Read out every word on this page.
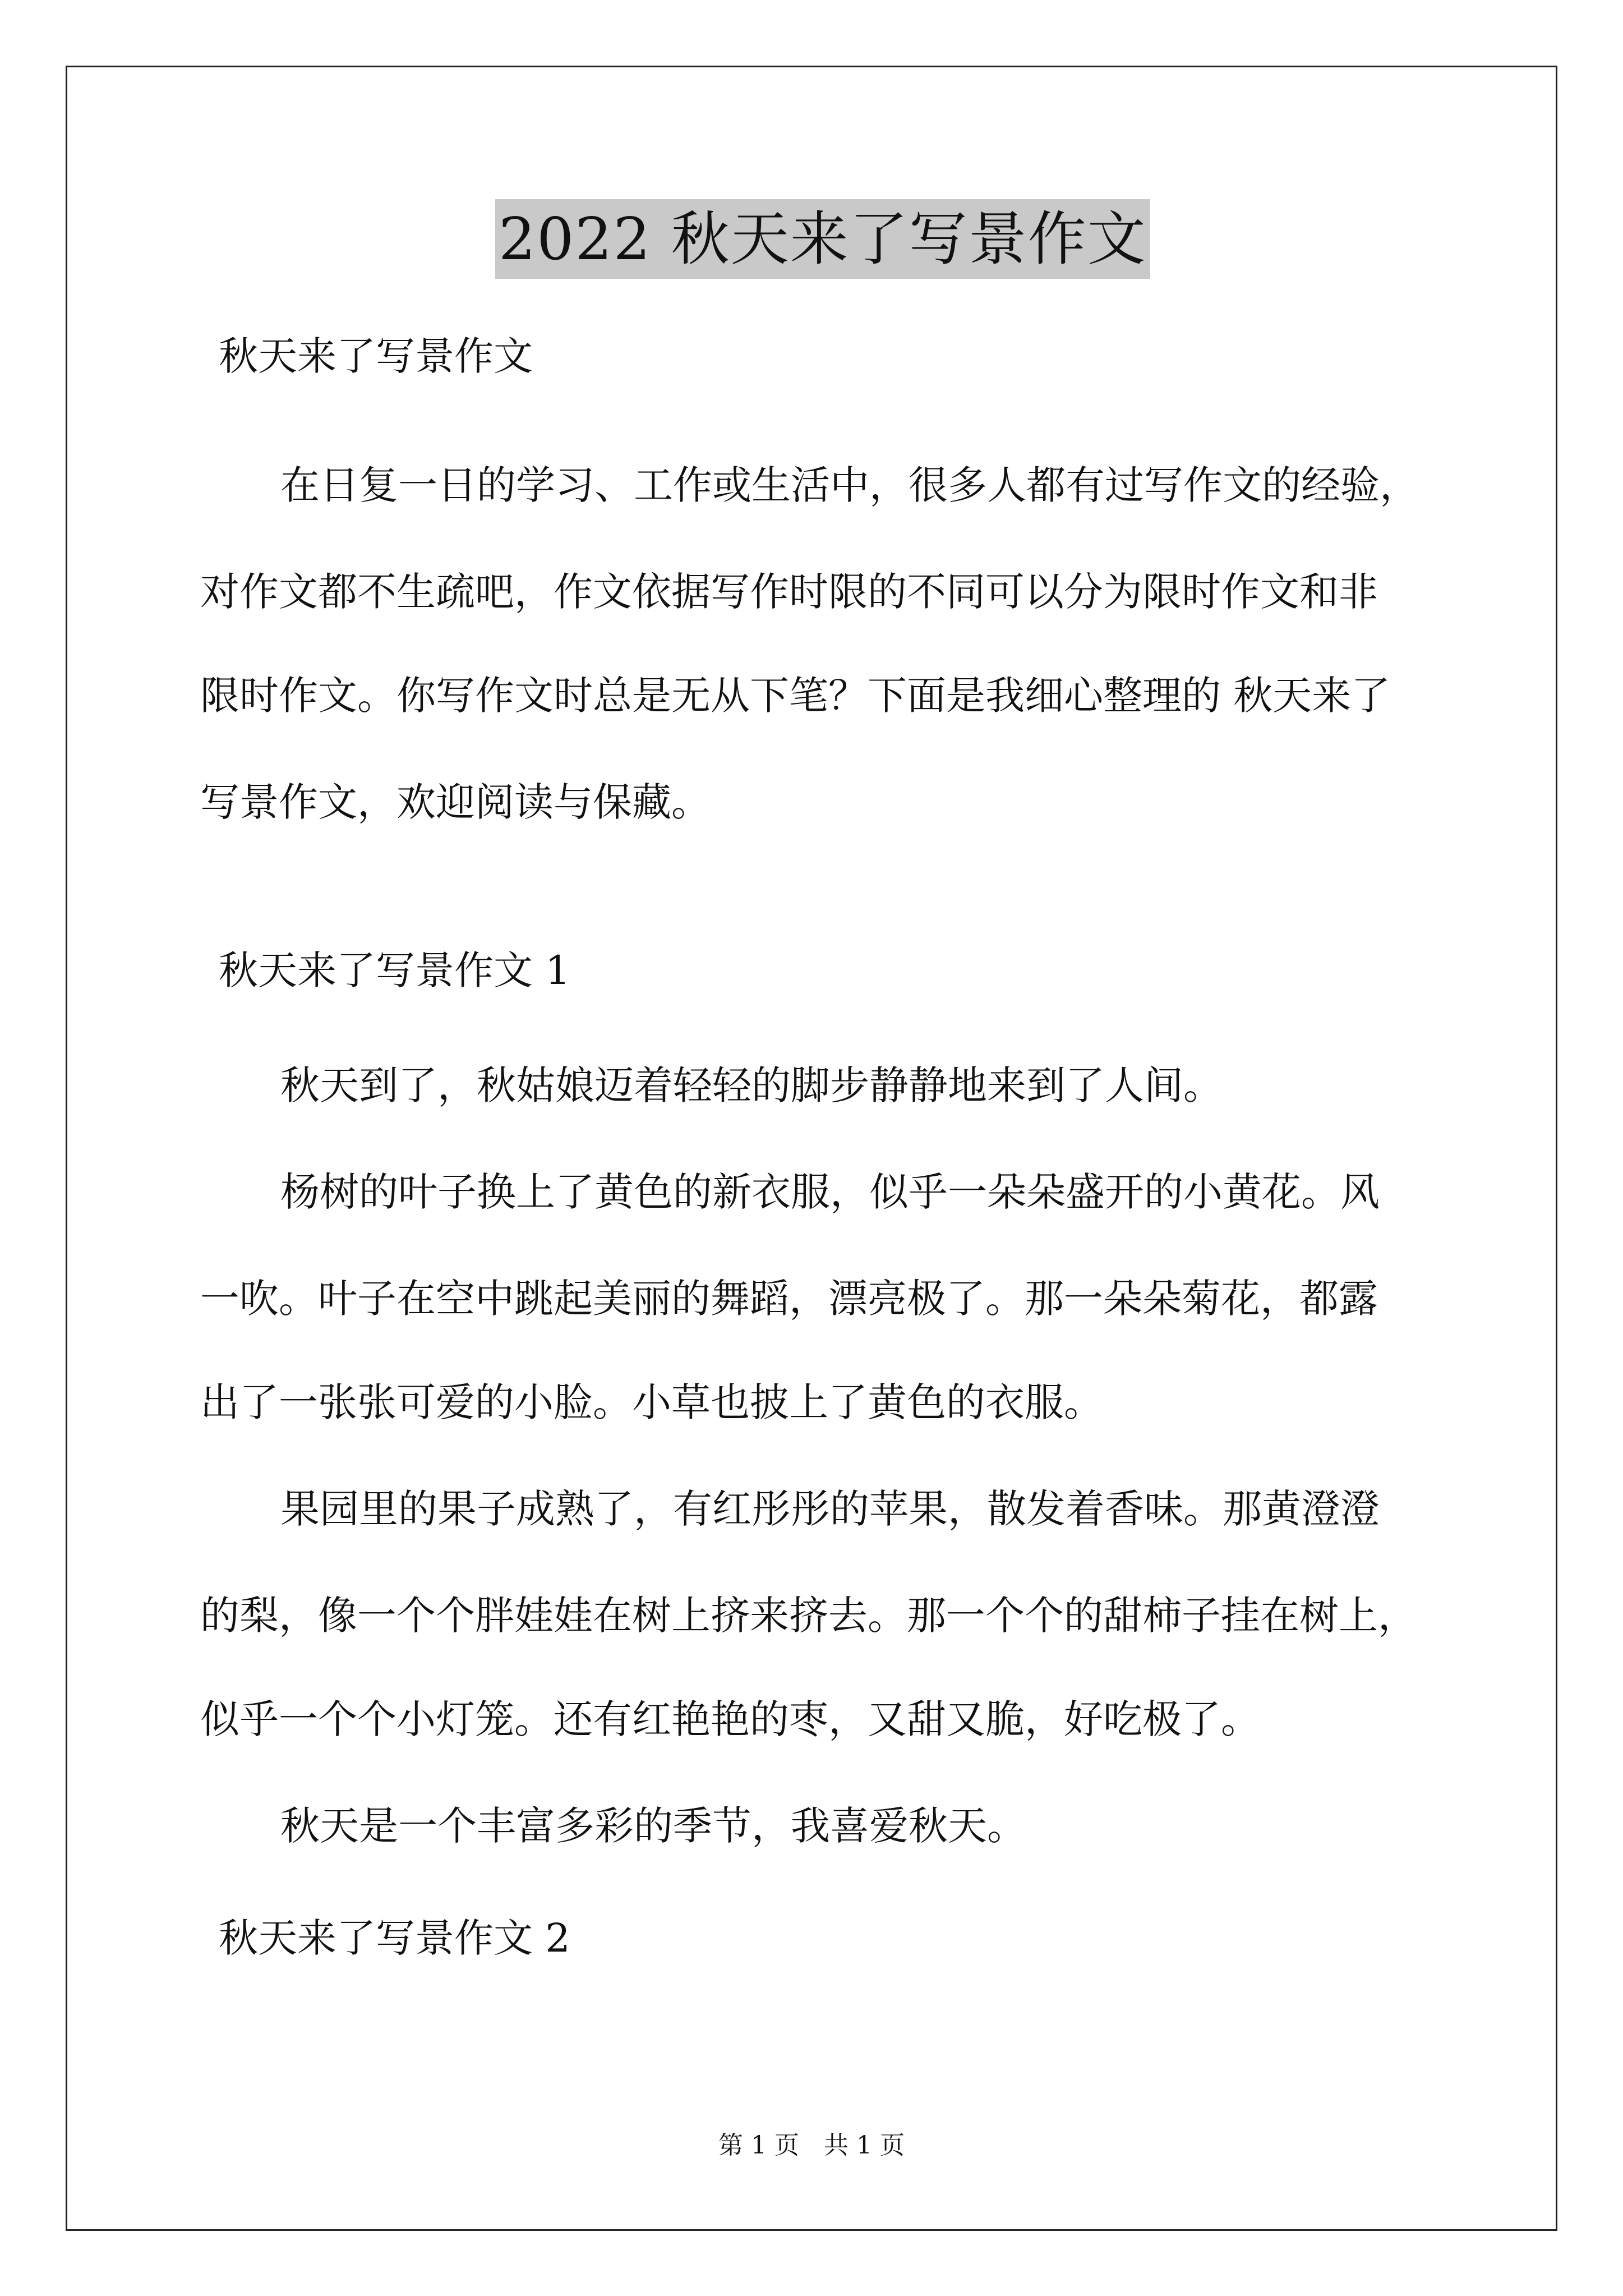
2022 秋天来了写景作文
秋天来了写景作文
在日复一日的学习、工作或生活中，很多人都有过写作文的经验，
对作文都不生疏吧，作文依据写作时限的不同可以分为限时作文和非
限时作文。你写作文时总是无从下笔？下面是我细心整理的 秋天来了
写景作文，欢迎阅读与保藏。
秋天来了写景作文 1
秋天到了，秋姑娘迈着轻轻的脚步静静地来到了人间。
杨树的叶子换上了黄色的新衣服，似乎一朵朵盛开的小黄花。风
一吹。叶子在空中跳起美丽的舞蹈，漂亮极了。那一朵朵菊花，都露
出了一张张可爱的小脸。小草也披上了黄色的衣服。
果园里的果子成熟了，有红彤彤的苹果，散发着香味。那黄澄澄
的梨，像一个个胖娃娃在树上挤来挤去。那一个个的甜柿子挂在树上，
似乎一个个小灯笼。还有红艳艳的枣，又甜又脆，好吃极了。
秋天是一个丰富多彩的季节，我喜爱秋天。
秋天来了写景作文 2
第 1 页　共 1 页
